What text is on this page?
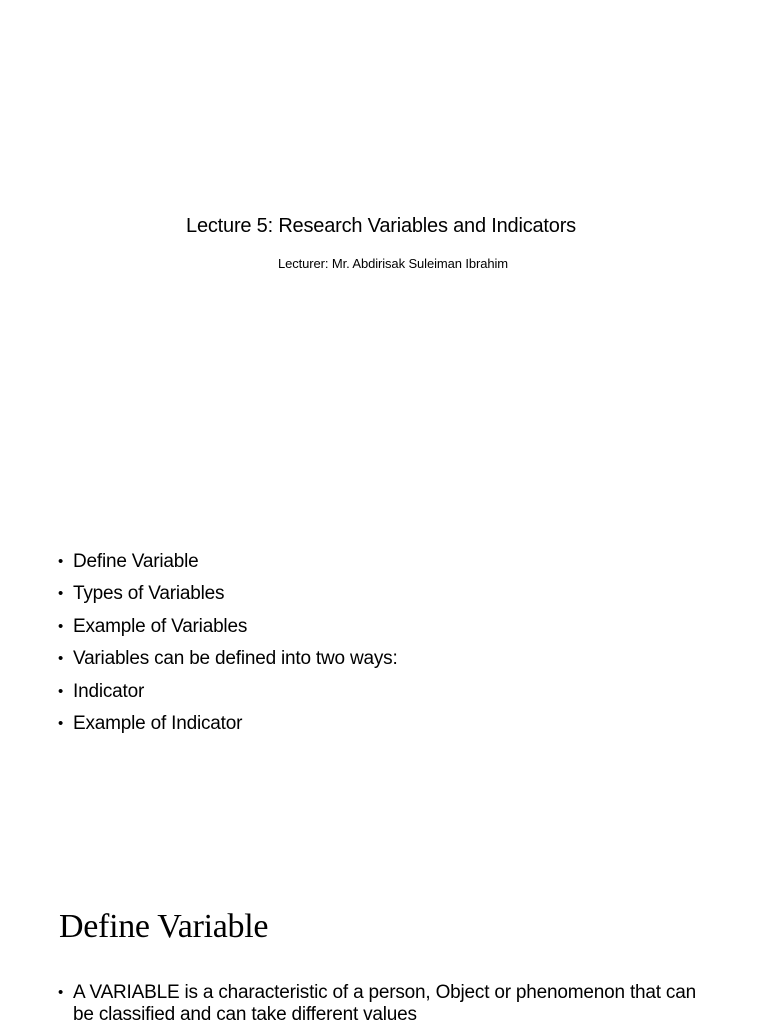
Lecture 5: Research Variables and Indicators
Lecturer: Mr. Abdirisak Suleiman Ibrahim
• Define Variable
• Types of Variables
• Example of Variables
• Variables can be defined into two ways:
• Indicator
• Example of Indicator
Define Variable
• A VARIABLE is a characteristic of a person, Object or phenomenon that can be classified and can take different values
